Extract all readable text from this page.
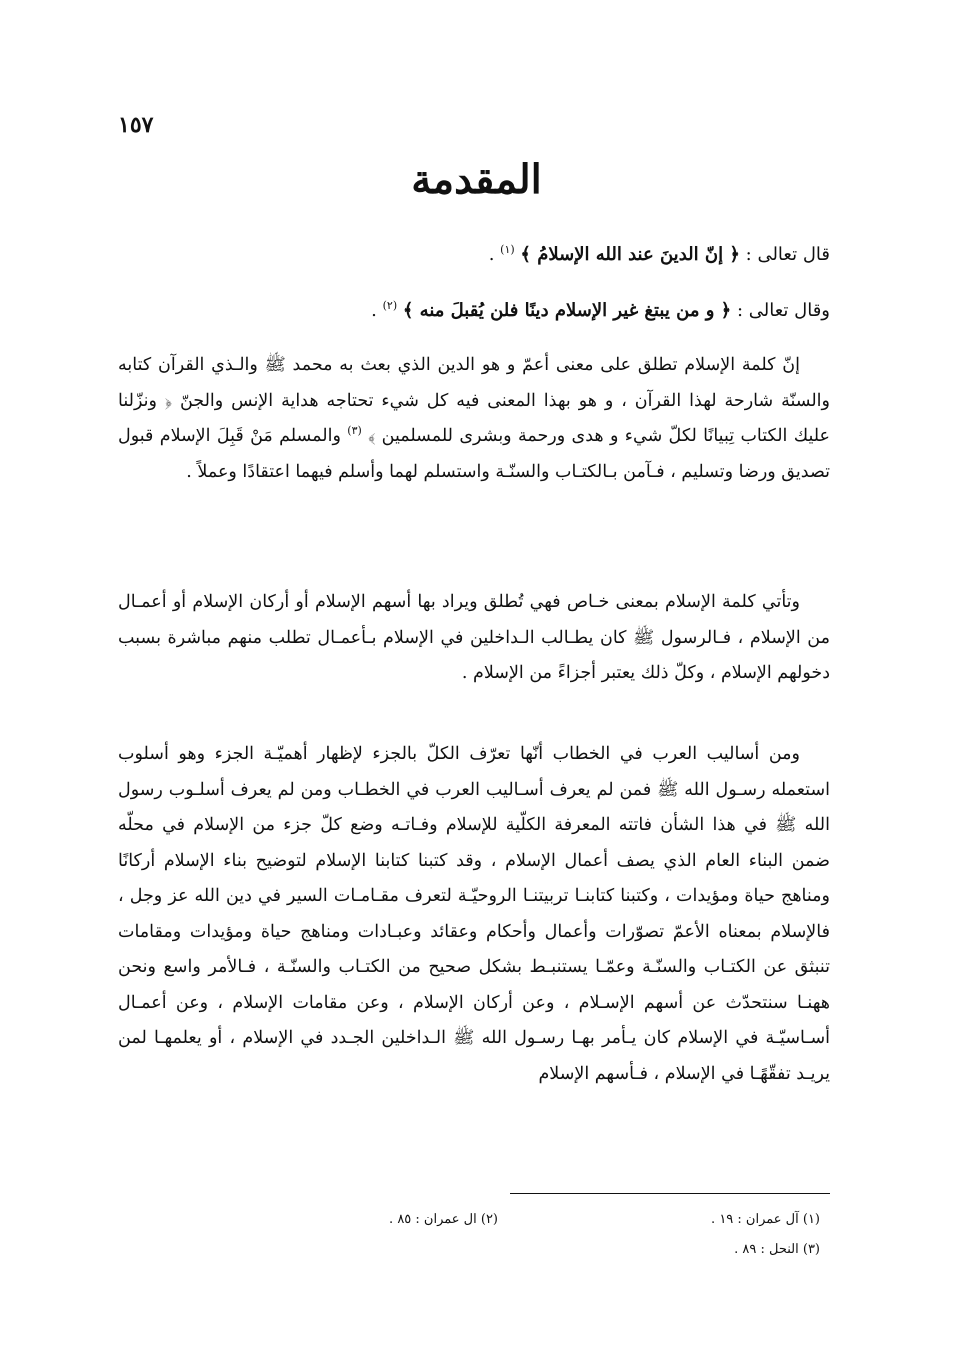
١٥٧
المقدمة
قال تعالى : ﴿ إنّ الدينَ عند الله الإسلامُ ﴾ $^{(١)}$ .
وقال تعالى : ﴿ و من يبتغ غير الإسلام دينًا فلن يُقبلَ منه ﴾ $^{(٢)}$ .
إنّ كلمة الإسلام تطلق على معنى أعمّ و هو الدين الذي بعث به محمد ﷺ والـذي القرآن كتابه والسنّة شارحة لهذا القرآن ، و هو بهذا المعنى فيه كل شيء تحتاجه هداية الإنس والجنّ ﴿ ونزّلنا عليك الكتاب تِبيانًا لكلّ شيء و هدى ورحمة وبشرى للمسلمين ﴾ $^{(٣)}$ والمسلم مَنْ قَبِلَ الإسلام قبول تصديق ورضا وتسليم ، فـآمن بـالكتـاب والسنّـة واستسلم لهما وأسلم فيهما اعتقادًا وعملاً .
وتأتي كلمة الإسلام بمعنى خـاص فهي تُطلق ويراد بها أسهم الإسلام أو أركان الإسلام أو أعمـال من الإسلام ، فـالرسول ﷺ كان يطـالب الـداخلين في الإسلام بـأعمـال تطلب منهم مباشرة بسبب دخولهم الإسلام ، وكلّ ذلك يعتبر أجزاءً من الإسلام .
ومن أساليب العرب في الخطاب أنّها تعرّف الكلّ بالجزء لإظهار أهميّـة الجزء وهو أسلوب استعمله رسـول الله ﷺ فمن لم يعرف أسـاليب العرب في الخطـاب ومن لم يعرف أسلـوب رسول الله ﷺ في هذا الشأن فاتته المعرفة الكلّية للإسلام وفـاتـه وضع كلّ جزء من الإسلام في محلّه ضمن البناء العام الذي يصف أعمال الإسلام ، وقد كتبنا كتابنا الإسلام لتوضيح بناء الإسلام أركانًا ومناهج حياة ومؤيدات ، وكتبنا كتابنـا تربيتنـا الروحيّـة لتعرف مقـامـات السير في دين الله عز وجل ، فالإسلام بمعناه الأعمّ تصوّرات وأعمال وأحكام وعقائد وعبـادات ومناهج حياة ومؤيدات ومقامات تنبثق عن الكتـاب والسنّـة وعمّـا يستنبـط بشكل صحيح من الكتـاب والسنّـة ، فـالأمر واسع ونحن ههنـا سنتحدّث عن أسهم الإسـلام ، وعن أركان الإسلام ، وعن مقامات الإسلام ، وعن أعمـال أسـاسيّـة في الإسلام كان يـأمر بهـا رسـول الله ﷺ الـداخلين الجـدد في الإسلام ، أو يعلمهـا لمن يريـد تفقّهًـا في الإسلام ، فـأسهم الإسلام
(١) آل عمران : ١٩ .
(٢) ال عمران : ٨٥ .
(٣) النحل : ٨٩ .
